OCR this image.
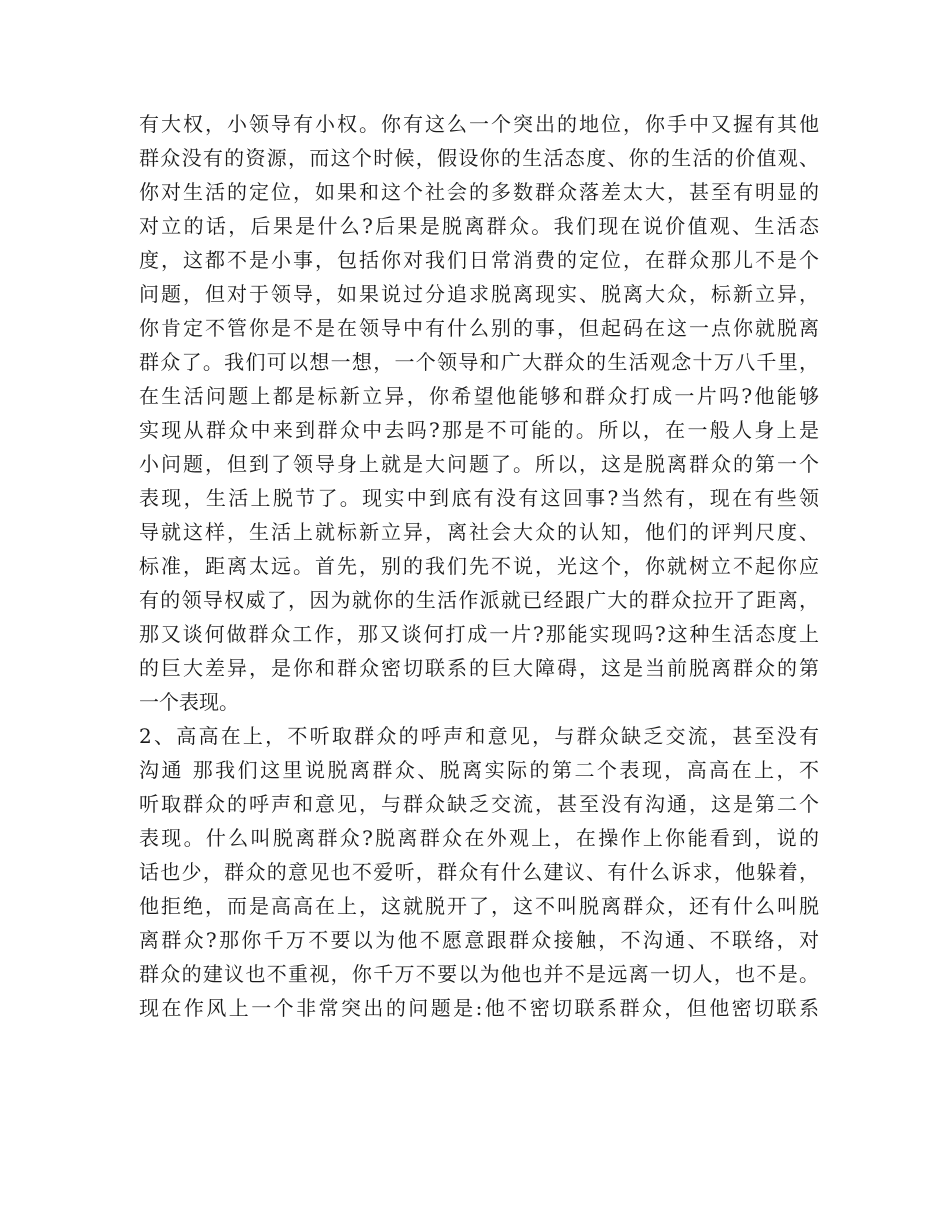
有大权，小领导有小权。你有这么一个突出的地位，你手中又握有其他
群众没有的资源，而这个时候，假设你的生活态度、你的生活的价值观、
你对生活的定位，如果和这个社会的多数群众落差太大，甚至有明显的
对立的话，后果是什么?后果是脱离群众。我们现在说价值观、生活态
度，这都不是小事，包括你对我们日常消费的定位，在群众那儿不是个
问题，但对于领导，如果说过分追求脱离现实、脱离大众，标新立异，
你肯定不管你是不是在领导中有什么别的事，但起码在这一点你就脱离
群众了。我们可以想一想，一个领导和广大群众的生活观念十万八千里，
在生活问题上都是标新立异，你希望他能够和群众打成一片吗?他能够
实现从群众中来到群众中去吗?那是不可能的。所以，在一般人身上是
小问题，但到了领导身上就是大问题了。所以，这是脱离群众的第一个
表现，生活上脱节了。现实中到底有没有这回事?当然有，现在有些领
导就这样，生活上就标新立异，离社会大众的认知，他们的评判尺度、
标准，距离太远。首先，别的我们先不说，光这个，你就树立不起你应
有的领导权威了，因为就你的生活作派就已经跟广大的群众拉开了距离，
那又谈何做群众工作，那又谈何打成一片?那能实现吗?这种生活态度上
的巨大差异，是你和群众密切联系的巨大障碍，这是当前脱离群众的第
一个表现。
2、高高在上，不听取群众的呼声和意见，与群众缺乏交流，甚至没有
沟通 那我们这里说脱离群众、脱离实际的第二个表现，高高在上，不
听取群众的呼声和意见，与群众缺乏交流，甚至没有沟通，这是第二个
表现。什么叫脱离群众?脱离群众在外观上，在操作上你能看到，说的
话也少，群众的意见也不爱听，群众有什么建议、有什么诉求，他躲着，
他拒绝，而是高高在上，这就脱开了，这不叫脱离群众，还有什么叫脱
离群众?那你千万不要以为他不愿意跟群众接触，不沟通、不联络，对
群众的建议也不重视，你千万不要以为他也并不是远离一切人，也不是。
现在作风上一个非常突出的问题是:他不密切联系群众，但他密切联系
